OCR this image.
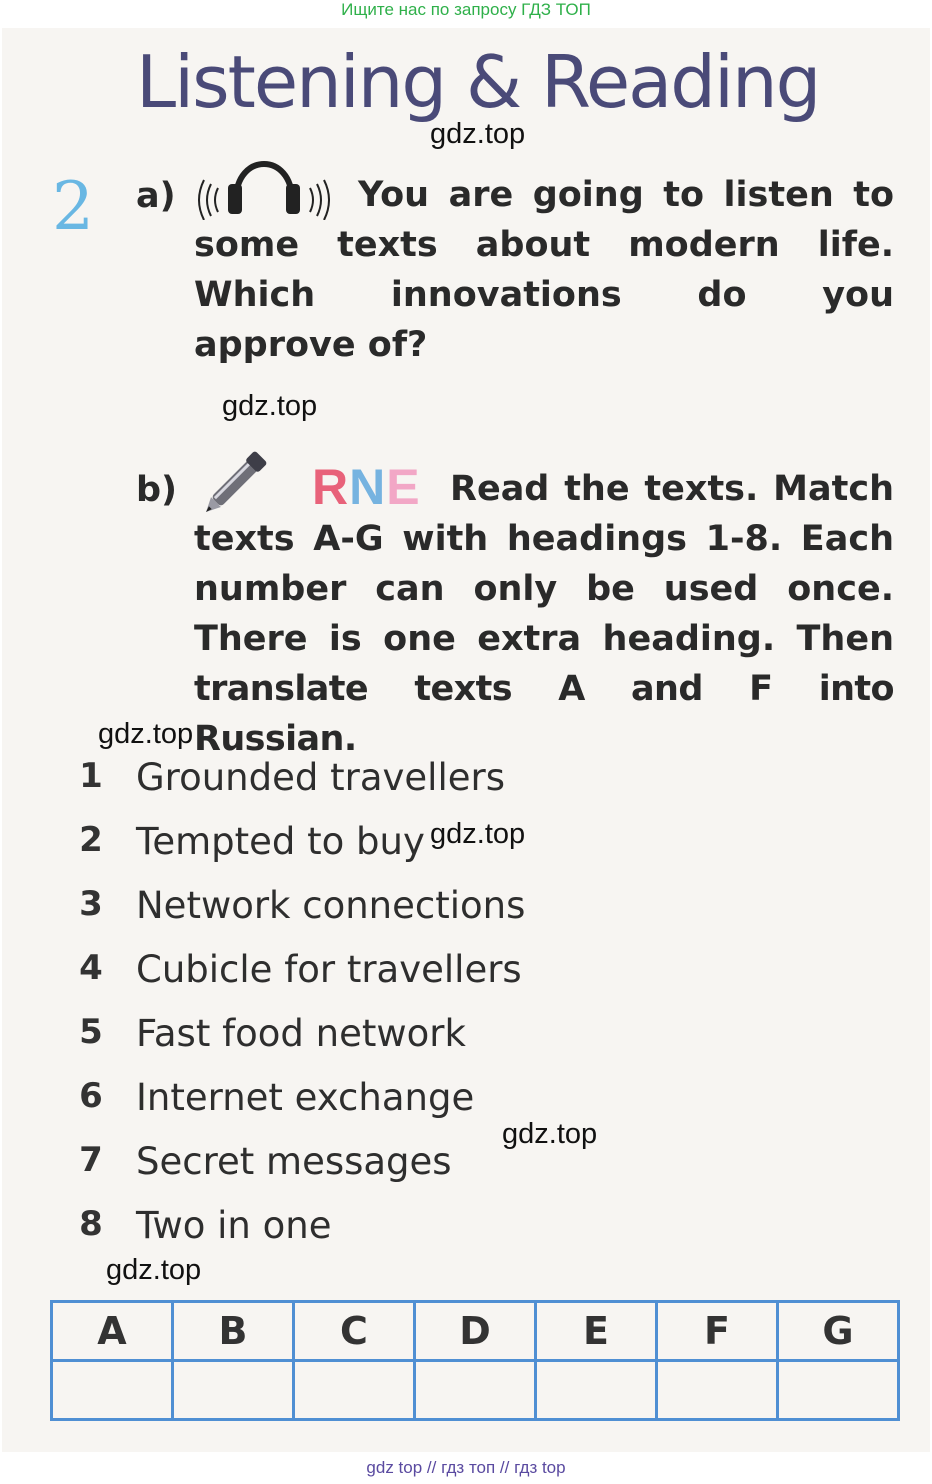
Ищите нас по запросу ГДЗ ТОП
Listening & Reading
gdz.top
2 a)	You are going to listen to
some texts about modern life.
Which innovations do you
approve of?
gdz.top
b)	RNE Read the texts. Match
texts A-G with headings 1-8. Each
number can only be used once.
There is one extra heading. Then
translate texts A and F into Russian.
gdz.top
1 Grounded travellers
2 Tempted to buy
3 Network connections
4 Cubicle for travellers
5 Fast food network
6 Internet exchange
7 Secret messages
8 Two in one
gdz.top
gdz.top
gdz.top
A	B	C	D	E	F	G

gdz top // гдз топ // гдз top
